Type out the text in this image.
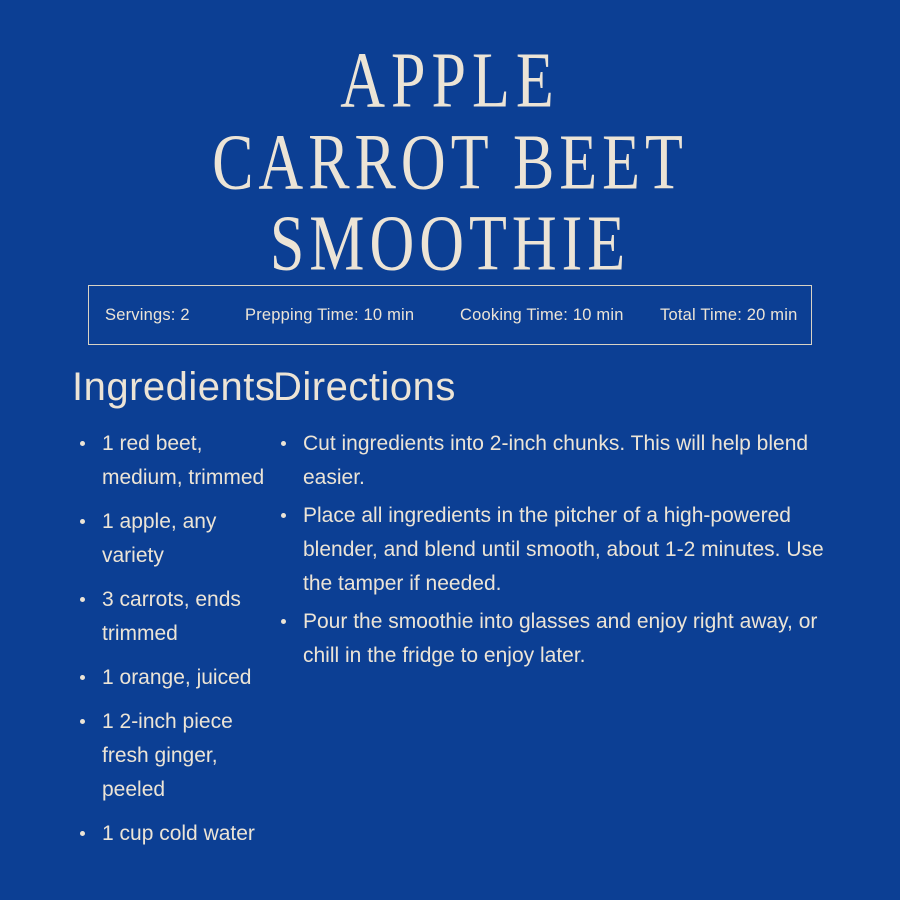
APPLE
CARROT BEET
SMOOTHIE
Servings: 2	Prepping Time: 10 min	Cooking Time: 10 min	Total Time: 20 min
Ingredients
1 red beet, medium, trimmed
1 apple, any variety
3 carrots, ends trimmed
1 orange, juiced
1 2-inch piece fresh ginger, peeled
1 cup cold water
Directions
Cut ingredients into 2-inch chunks. This will help blend easier.
Place all ingredients in the pitcher of a high-powered blender, and blend until smooth, about 1-2 minutes. Use the tamper if needed.
Pour the smoothie into glasses and enjoy right away, or chill in the fridge to enjoy later.
